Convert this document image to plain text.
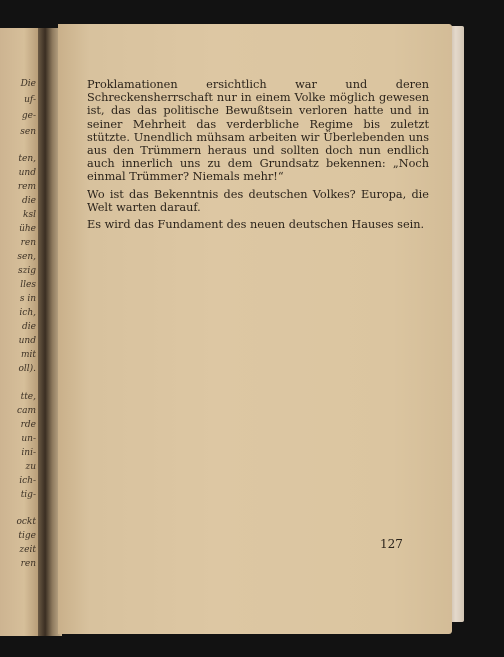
Die
uf-
ge-
sen
ten,
und
rem
die
ksl
ühe
ren
sen,
szig
lles
s in
ich,
die
und
mit
oll).
tte,
cam
rde
un-
ini-
zu
ich-
tig-
ockt
tige
zeit
ren

Proklamationen ersichtlich war und deren Schreckensherrschaft nur in einem Volke möglich gewesen ist, das das politische Bewußtsein verloren hatte und in seiner Mehrheit das verderbliche Regime bis zuletzt stützte. Unendlich mühsam arbeiten wir Überlebenden uns aus den Trümmern heraus und sollten doch nun endlich auch innerlich uns zu dem Grundsatz bekennen: „Noch einmal Trümmer? Niemals mehr!“

Wo ist das Bekenntnis des deutschen Volkes? Europa, die Welt warten darauf.

Es wird das Fundament des neuen deutschen Hauses sein.

127
